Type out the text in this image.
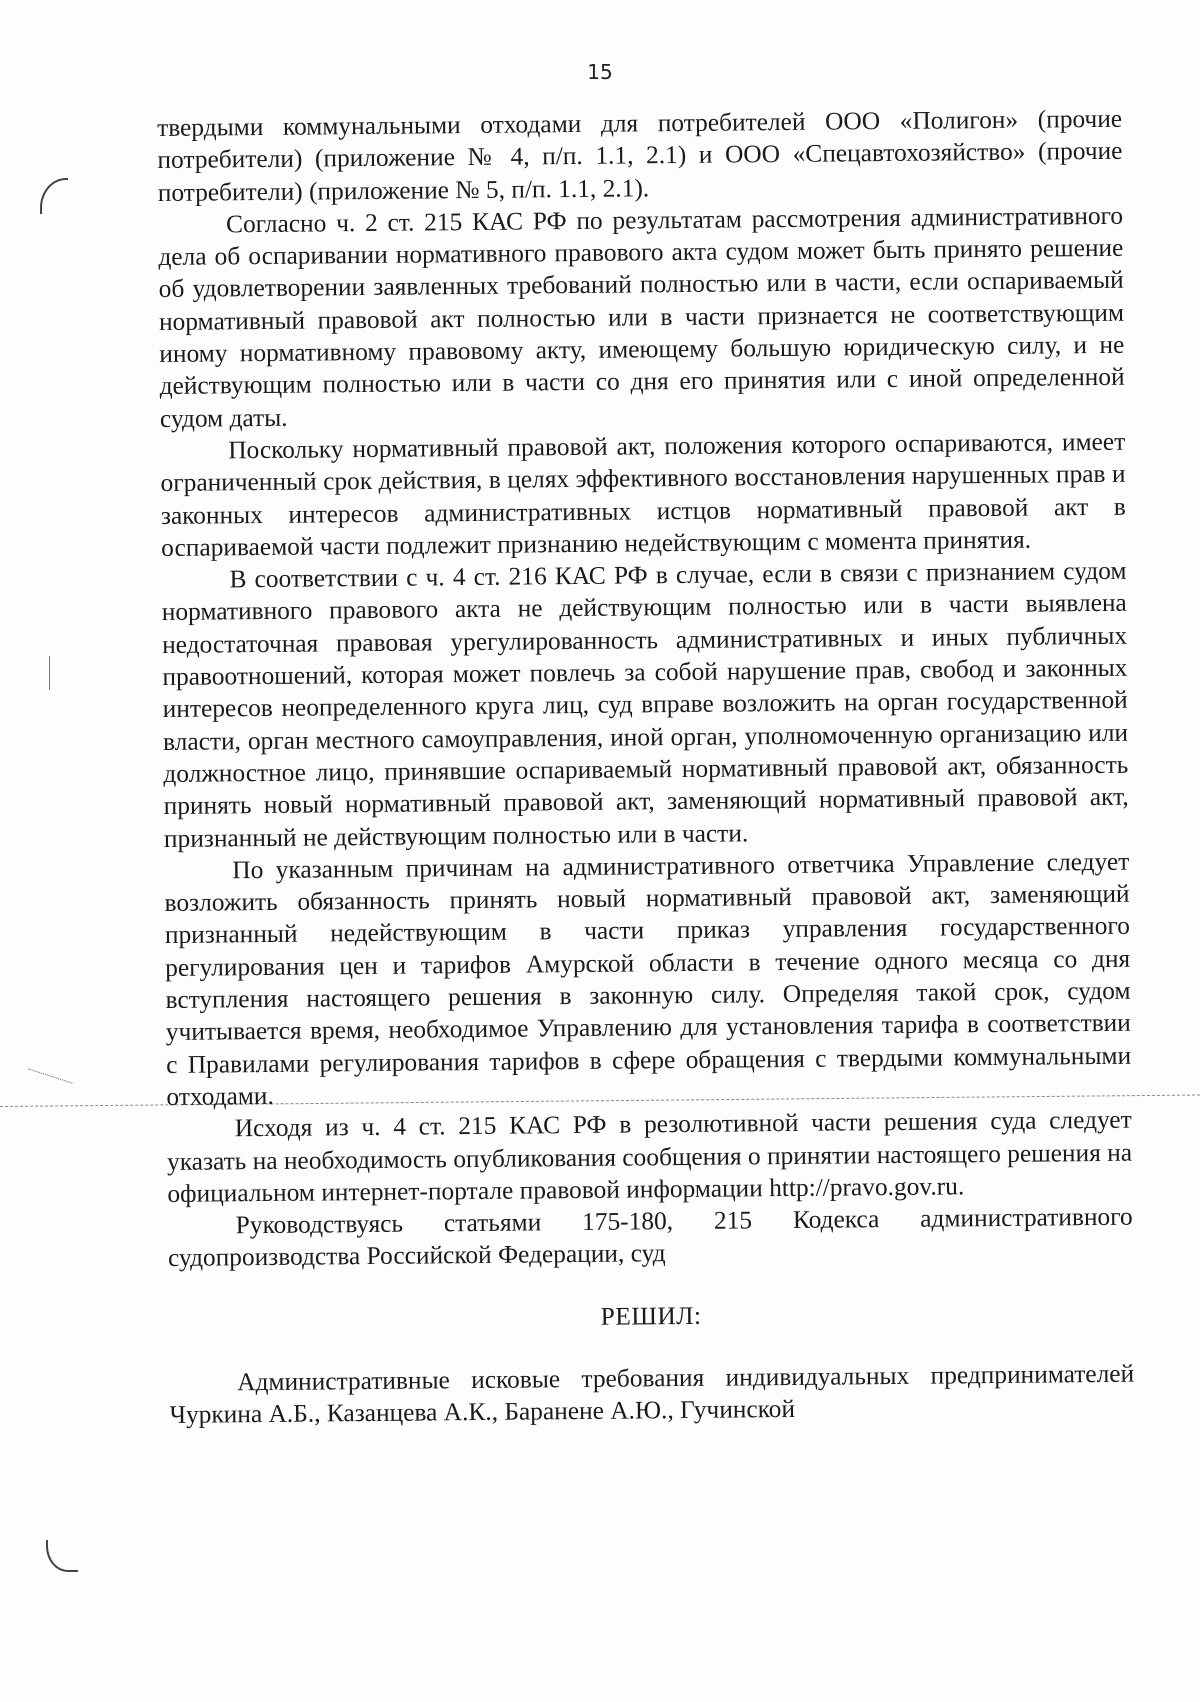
15

твердыми коммунальными отходами для потребителей ООО «Полигон» (прочие потребители) (приложение № 4, п/п. 1.1, 2.1) и ООО «Спецавтохозяйство» (прочие потребители) (приложение № 5, п/п. 1.1, 2.1).

Согласно ч. 2 ст. 215 КАС РФ по результатам рассмотрения административного дела об оспаривании нормативного правового акта судом может быть принято решение об удовлетворении заявленных требований полностью или в части, если оспариваемый нормативный правовой акт полностью или в части признается не соответствующим иному нормативному правовому акту, имеющему большую юридическую силу, и не действующим полностью или в части со дня его принятия или с иной определенной судом даты.

Поскольку нормативный правовой акт, положения которого оспариваются, имеет ограниченный срок действия, в целях эффективного восстановления нарушенных прав и законных интересов административных истцов нормативный правовой акт в оспариваемой части подлежит признанию недействующим с момента принятия.

В соответствии с ч. 4 ст. 216 КАС РФ в случае, если в связи с признанием судом нормативного правового акта не действующим полностью или в части выявлена недостаточная правовая урегулированность административных и иных публичных правоотношений, которая может повлечь за собой нарушение прав, свобод и законных интересов неопределенного круга лиц, суд вправе возложить на орган государственной власти, орган местного самоуправления, иной орган, уполномоченную организацию или должностное лицо, принявшие оспариваемый нормативный правовой акт, обязанность принять новый нормативный правовой акт, заменяющий нормативный правовой акт, признанный не действующим полностью или в части.

По указанным причинам на административного ответчика Управление следует возложить обязанность принять новый нормативный правовой акт, заменяющий признанный недействующим в части приказ управления государственного регулирования цен и тарифов Амурской области в течение одного месяца со дня вступления настоящего решения в законную силу. Определяя такой срок, судом учитывается время, необходимое Управлению для установления тарифа в соответствии с Правилами регулирования тарифов в сфере обращения с твердыми коммунальными отходами.

Исходя из ч. 4 ст. 215 КАС РФ в резолютивной части решения суда следует указать на необходимость опубликования сообщения о принятии настоящего решения на официальном интернет-портале правовой информации http://pravo.gov.ru.

Руководствуясь статьями 175-180, 215 Кодекса административного судопроизводства Российской Федерации, суд

РЕШИЛ:

Административные исковые требования индивидуальных предпринимателей Чуркина А.Б., Казанцева А.К., Баранене А.Ю., Гучинской
